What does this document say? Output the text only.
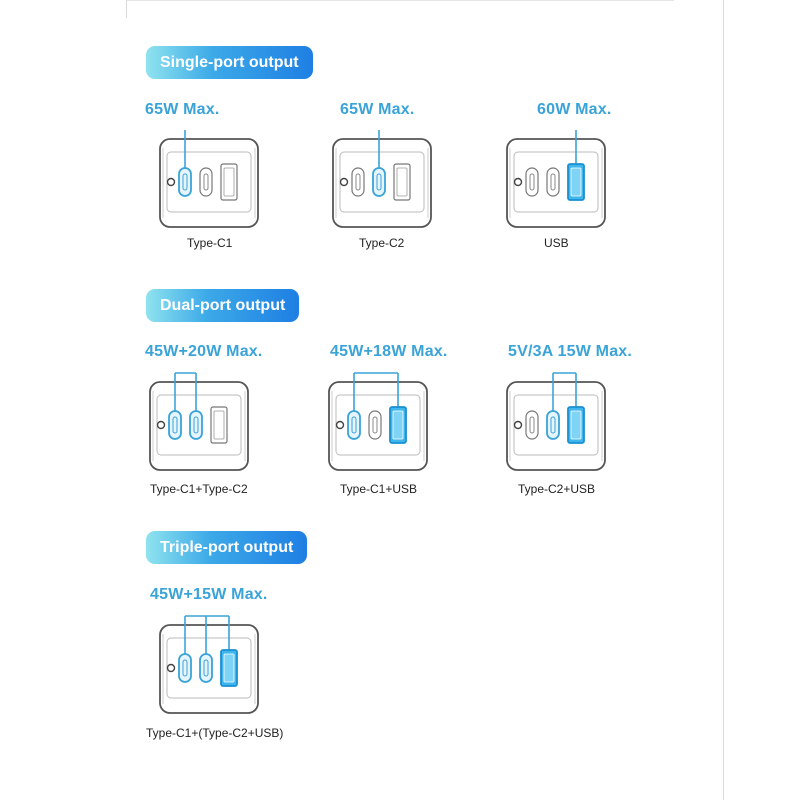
Single-port output
65W Max.
Type-C1
65W Max.
Type-C2
60W Max.
USB
Dual-port output
45W+20W Max.
Type-C1+Type-C2
45W+18W Max.
Type-C1+USB
5V/3A 15W Max.
Type-C2+USB
Triple-port output
45W+15W Max.
Type-C1+(Type-C2+USB)
